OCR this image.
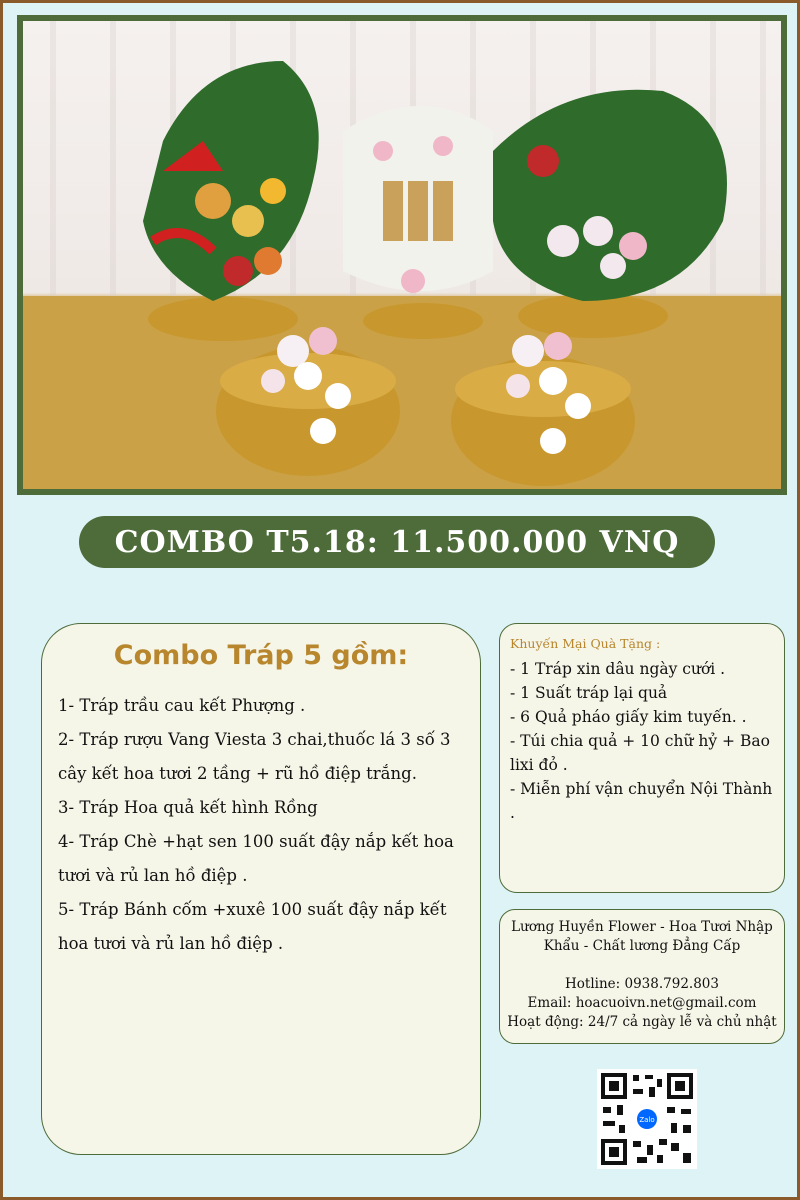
COMBO T5.18: 11.500.000 VNQ
Combo Tráp 5 gồm:

1- Tráp trầu cau kết Phượng .

2- Tráp rượu Vang Viesta 3 chai,thuốc lá 3 số 3 cây kết hoa tươi 2 tầng + rũ hồ điệp trắng.

3- Tráp Hoa quả kết hình Rồng

4- Tráp Chè +hạt sen 100 suất đậy nắp kết hoa tươi và rủ lan hồ điệp .

5- Tráp Bánh cốm +xuxê 100 suất đậy nắp kết hoa tươi và rủ lan hồ điệp .

Khuyến Mại Quà Tặng :

- 1 Tráp xin dâu ngày cưới .

- 1 Suất tráp lại quả

- 6 Quả pháo giấy kim tuyến. .

- Túi chia quả + 10 chữ hỷ + Bao lixi đỏ .

- Miễn phí vận chuyển Nội Thành .

Lương Huyền Flower - Hoa Tươi Nhập Khẩu - Chất lương Đẳng Cấp

Hotline: 0938.792.803

Email: hoacuoivn.net@gmail.com

Hoạt động: 24/7 cả ngày lễ và chủ nhật

Zalo
